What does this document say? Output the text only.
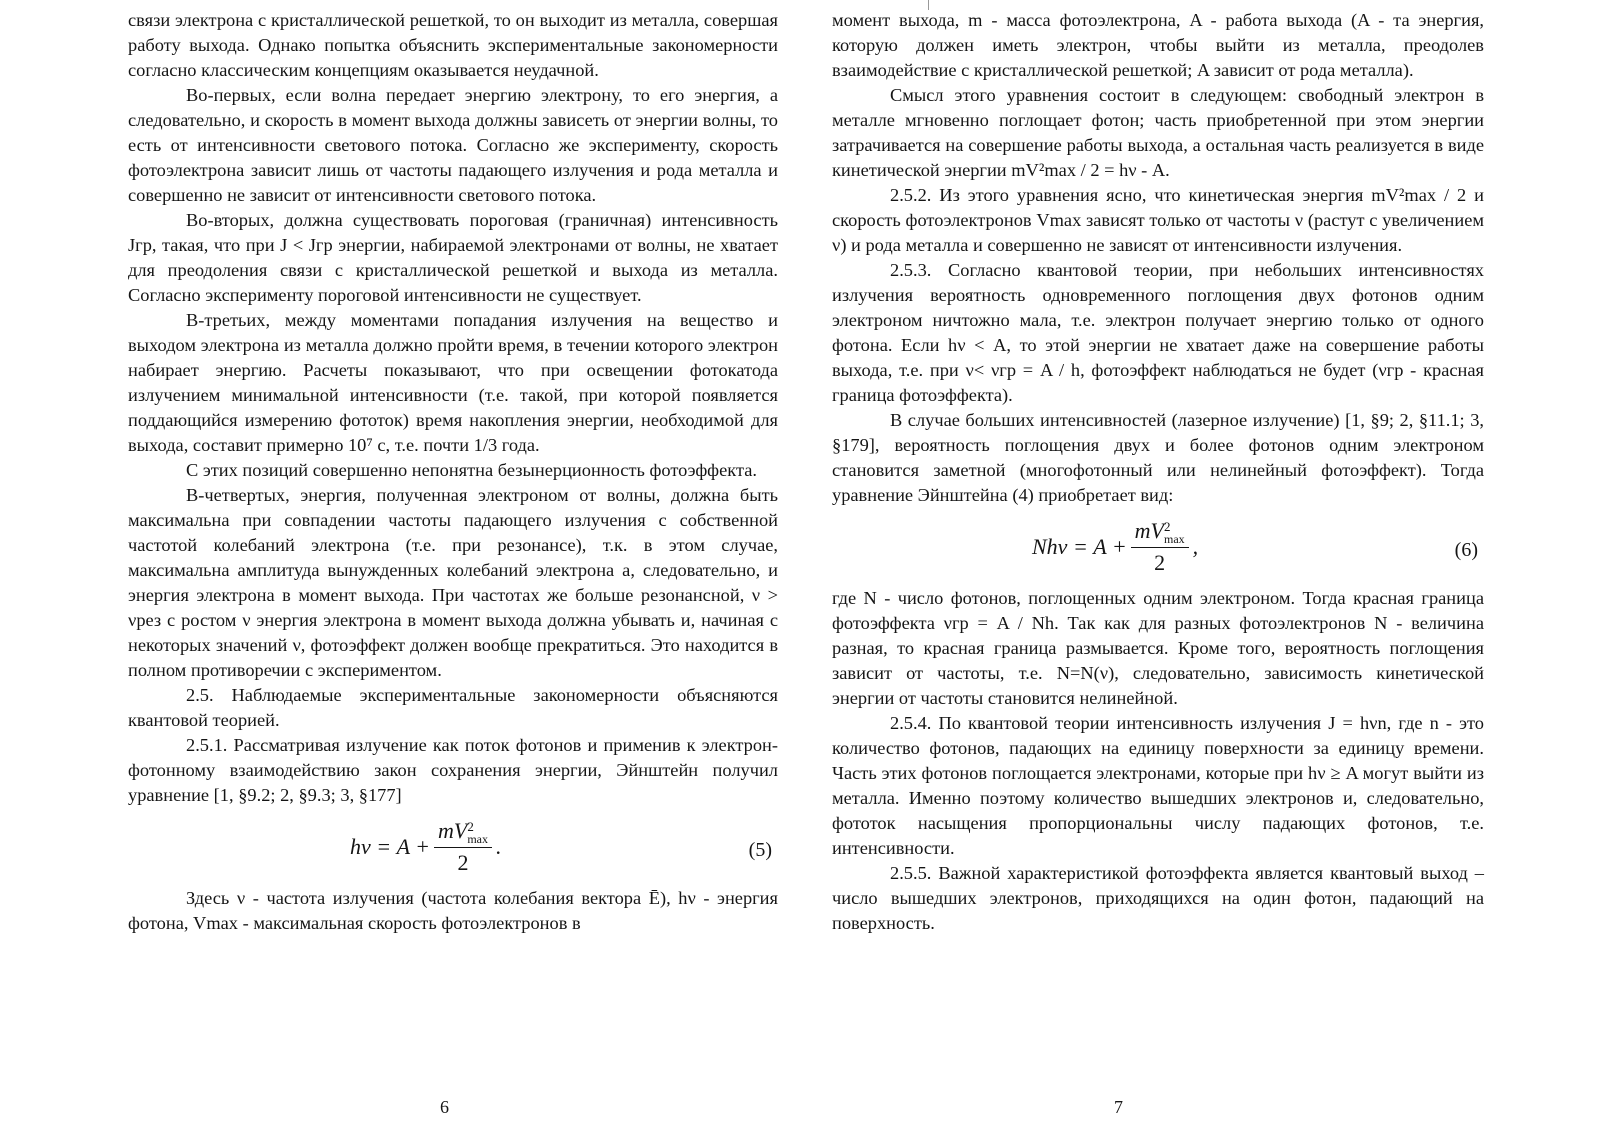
связи электрона с кристаллической решеткой, то он выходит из металла, совершая работу выхода. Однако попытка объяснить экспериментальные закономерности согласно классическим концепциям оказывается неудачной.

Во-первых, если волна передает энергию электрону, то его энергия, а следовательно, и скорость в момент выхода должны зависеть от энергии волны, то есть от интенсивности светового потока. Согласно же эксперименту, скорость фотоэлектрона зависит лишь от частоты падающего излучения и рода металла и совершенно не зависит от интенсивности светового потока.

Во-вторых, должна существовать пороговая (граничная) интенсивность Jгр, такая, что при J < Jгр энергии, набираемой электронами от волны, не хватает для преодоления связи с кристаллической решеткой и выхода из металла. Согласно эксперименту пороговой интенсивности не существует.

В-третьих, между моментами попадания излучения на вещество и выходом электрона из металла должно пройти время, в течении которого электрон набирает энергию. Расчеты показывают, что при освещении фотокатода излучением минимальной интенсивности (т.е. такой, при которой появляется поддающийся измерению фототок) время накопления энергии, необходимой для выхода, составит примерно 10⁷ с, т.е. почти 1/3 года.

С этих позиций совершенно непонятна безынерционность фотоэффекта.

В-четвертых, энергия, полученная электроном от волны, должна быть максимальна при совпадении частоты падающего излучения с собственной частотой колебаний электрона (т.е. при резонансе), т.к. в этом случае, максимальна амплитуда вынужденных колебаний электрона а, следовательно, и энергия электрона в момент выхода. При частотах же больше резонансной, ν > νрез с ростом ν энергия электрона в момент выхода должна убывать и, начиная с некоторых значений ν, фотоэффект должен вообще прекратиться. Это находится в полном противоречии с экспериментом.

2.5. Наблюдаемые экспериментальные закономерности объясняются квантовой теорией.

2.5.1. Рассматривая излучение как поток фотонов и применив к электрон-фотонному взаимодействию закон сохранения энергии, Эйнштейн получил уравнение [1, §9.2; 2, §9.3; 3, §177]

hν = A + mV 2
max
2 .	(5)

Здесь ν - частота излучения (частота колебания вектора Ē), hν - энергия фотона, Vmax - максимальная скорость фотоэлектронов в

6

момент выхода, m - масса фотоэлектрона, A - работа выхода (A - та энергия, которую должен иметь электрон, чтобы выйти из металла, преодолев взаимодействие с кристаллической решеткой; A зависит от рода металла).

Смысл этого уравнения состоит в следующем: свободный электрон в металле мгновенно поглощает фотон; часть приобретенной при этом энергии затрачивается на совершение работы выхода, а остальная часть реализуется в виде кинетической энергии mV²max / 2 = hν - A.

2.5.2. Из этого уравнения ясно, что кинетическая энергия mV²max / 2 и скорость фотоэлектронов Vmax зависят только от частоты ν (растут с увеличением ν) и рода металла и совершенно не зависят от интенсивности излучения.

2.5.3. Согласно квантовой теории, при небольших интенсивностях излучения вероятность одновременного поглощения двух фотонов одним электроном ничтожно мала, т.е. электрон получает энергию только от одного фотона. Если hν < A, то этой энергии не хватает даже на совершение работы выхода, т.е. при ν< νгр = A / h, фотоэффект наблюдаться не будет (νгр - красная граница фотоэффекта).

В случае больших интенсивностей (лазерное излучение) [1, §9; 2, §11.1; 3, §179], вероятность поглощения двух и более фотонов одним электроном становится заметной (многофотонный или нелинейный фотоэффект). Тогда уравнение Эйнштейна (4) приобретает вид:

Nhν = A + mV 2
max
2 ,	(6)

где N - число фотонов, поглощенных одним электроном. Тогда красная граница фотоэффекта νгр = A / Nh. Так как для разных фотоэлектронов N - величина разная, то красная граница размывается. Кроме того, вероятность поглощения зависит от частоты, т.е. N=N(ν), следовательно, зависимость кинетической энергии от частоты становится нелинейной.

2.5.4. По квантовой теории интенсивность излучения J = hνn, где n - это количество фотонов, падающих на единицу поверхности за единицу времени. Часть этих фотонов поглощается электронами, которые при hν ≥ A могут выйти из металла. Именно поэтому количество вышедших электронов и, следовательно, фототок насыщения пропорциональны числу падающих фотонов, т.е. интенсивности.

2.5.5. Важной характеристикой фотоэффекта является квантовый выход – число вышедших электронов, приходящихся на один фотон, падающий на поверхность.

7
